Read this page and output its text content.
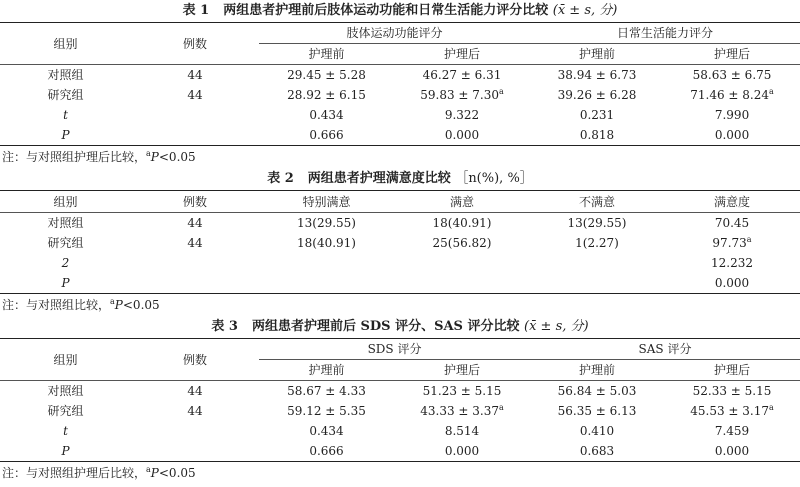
表 1 两组患者护理前后肢体运动功能和日常生活能力评分比较 (x̄ ± s, 分)
组别	例数	肢体运动功能评分		日常生活能力评分	
		护理前	护理后	护理前	护理后
对照组	44	29.45 ± 5.28	46.27 ± 6.31	38.94 ± 6.73	58.63 ± 6.75
研究组	44	28.92 ± 6.15	59.83 ± 7.30$^a$	39.26 ± 6.28	71.46 ± 8.24$^a$
t		0.434	9.322	0.231	7.990
P		0.666	0.000	0.818	0.000

注：与对照组护理后比较，$^a$P<0.05

表 2 两组患者护理满意度比较 ［n(%), %］
组别	例数	特别满意	满意	不满意	满意度
对照组	44	13(29.55)	18(40.91)	13(29.55)	70.45
研究组	44	18(40.91)	25(56.82)	1(2.27)	97.73$^a$
2					12.232
P					0.000

注：与对照组比较，$^a$P<0.05

表 3 两组患者护理前后 SDS 评分、SAS 评分比较 (x̄ ± s, 分)
组别	例数	SDS 评分		SAS 评分	
		护理前	护理后	护理前	护理后
对照组	44	58.67 ± 4.33	51.23 ± 5.15	56.84 ± 5.03	52.33 ± 5.15
研究组	44	59.12 ± 5.35	43.33 ± 3.37$^a$	56.35 ± 6.13	45.53 ± 3.17$^a$
t		0.434	8.514	0.410	7.459
P		0.666	0.000	0.683	0.000

注：与对照组护理后比较，$^a$P<0.05
